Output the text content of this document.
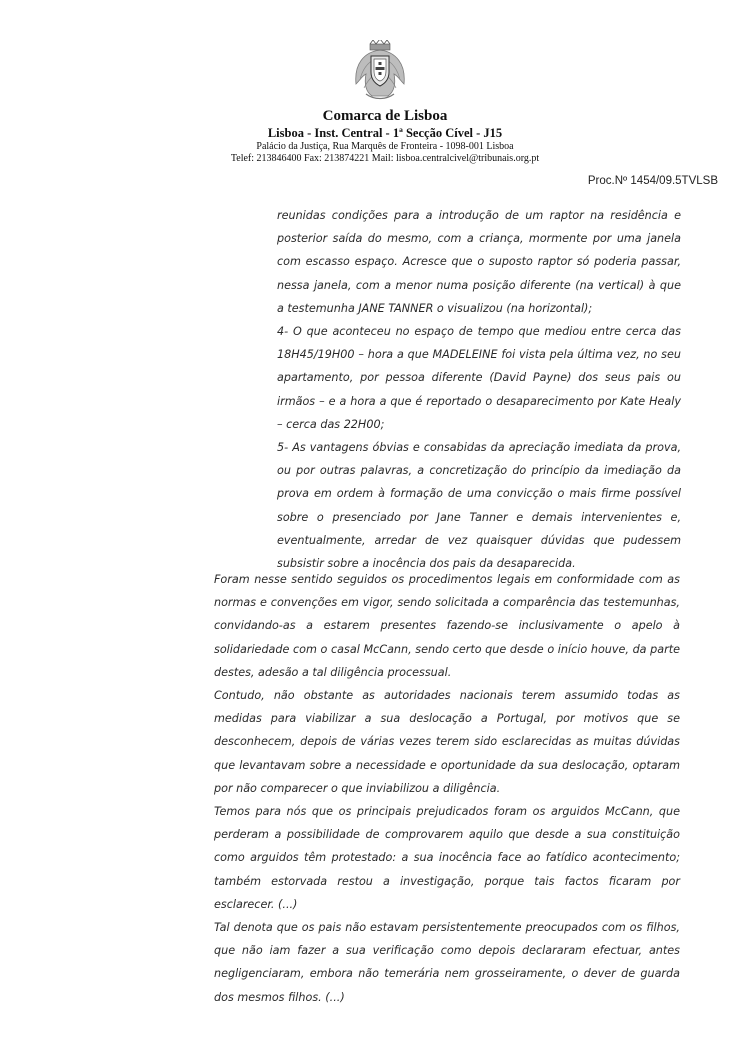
Comarca de Lisboa
Lisboa - Inst. Central - 1ª Secção Cível - J15
Palácio da Justiça, Rua Marquês de Fronteira - 1098-001 Lisboa
Telef: 213846400 Fax: 213874221 Mail: lisboa.centralcivel@tribunais.org.pt
Proc.Nº 1454/09.5TVLSB

reunidas condições para a introdução de um raptor na residência e posterior saída do mesmo, com a criança, mormente por uma janela com escasso espaço. Acresce que o suposto raptor só poderia passar, nessa janela, com a menor numa posição diferente (na vertical) à que a testemunha JANE TANNER o visualizou (na horizontal);

4- O que aconteceu no espaço de tempo que mediou entre cerca das 18H45/19H00 – hora a que MADELEINE foi vista pela última vez, no seu apartamento, por pessoa diferente (David Payne) dos seus pais ou irmãos – e a hora a que é reportado o desaparecimento por Kate Healy – cerca das 22H00;

5- As vantagens óbvias e consabidas da apreciação imediata da prova, ou por outras palavras, a concretização do princípio da imediação da prova em ordem à formação de uma convicção o mais firme possível sobre o presenciado por Jane Tanner e demais intervenientes e, eventualmente, arredar de vez quaisquer dúvidas que pudessem subsistir sobre a inocência dos pais da desaparecida.

Foram nesse sentido seguidos os procedimentos legais em conformidade com as normas e convenções em vigor, sendo solicitada a comparência das testemunhas, convidando-as a estarem presentes fazendo-se inclusivamente o apelo à solidariedade com o casal McCann, sendo certo que desde o início houve, da parte destes, adesão a tal diligência processual.

Contudo, não obstante as autoridades nacionais terem assumido todas as medidas para viabilizar a sua deslocação a Portugal, por motivos que se desconhecem, depois de várias vezes terem sido esclarecidas as muitas dúvidas que levantavam sobre a necessidade e oportunidade da sua deslocação, optaram por não comparecer o que inviabilizou a diligência.

Temos para nós que os principais prejudicados foram os arguidos McCann, que perderam a possibilidade de comprovarem aquilo que desde a sua constituição como arguidos têm protestado: a sua inocência face ao fatídico acontecimento; também estorvada restou a investigação, porque tais factos ficaram por esclarecer. (...)

Tal denota que os pais não estavam persistentemente preocupados com os filhos, que não iam fazer a sua verificação como depois declararam efectuar, antes negligenciaram, embora não temerária nem grosseiramente, o dever de guarda dos mesmos filhos. (...)
